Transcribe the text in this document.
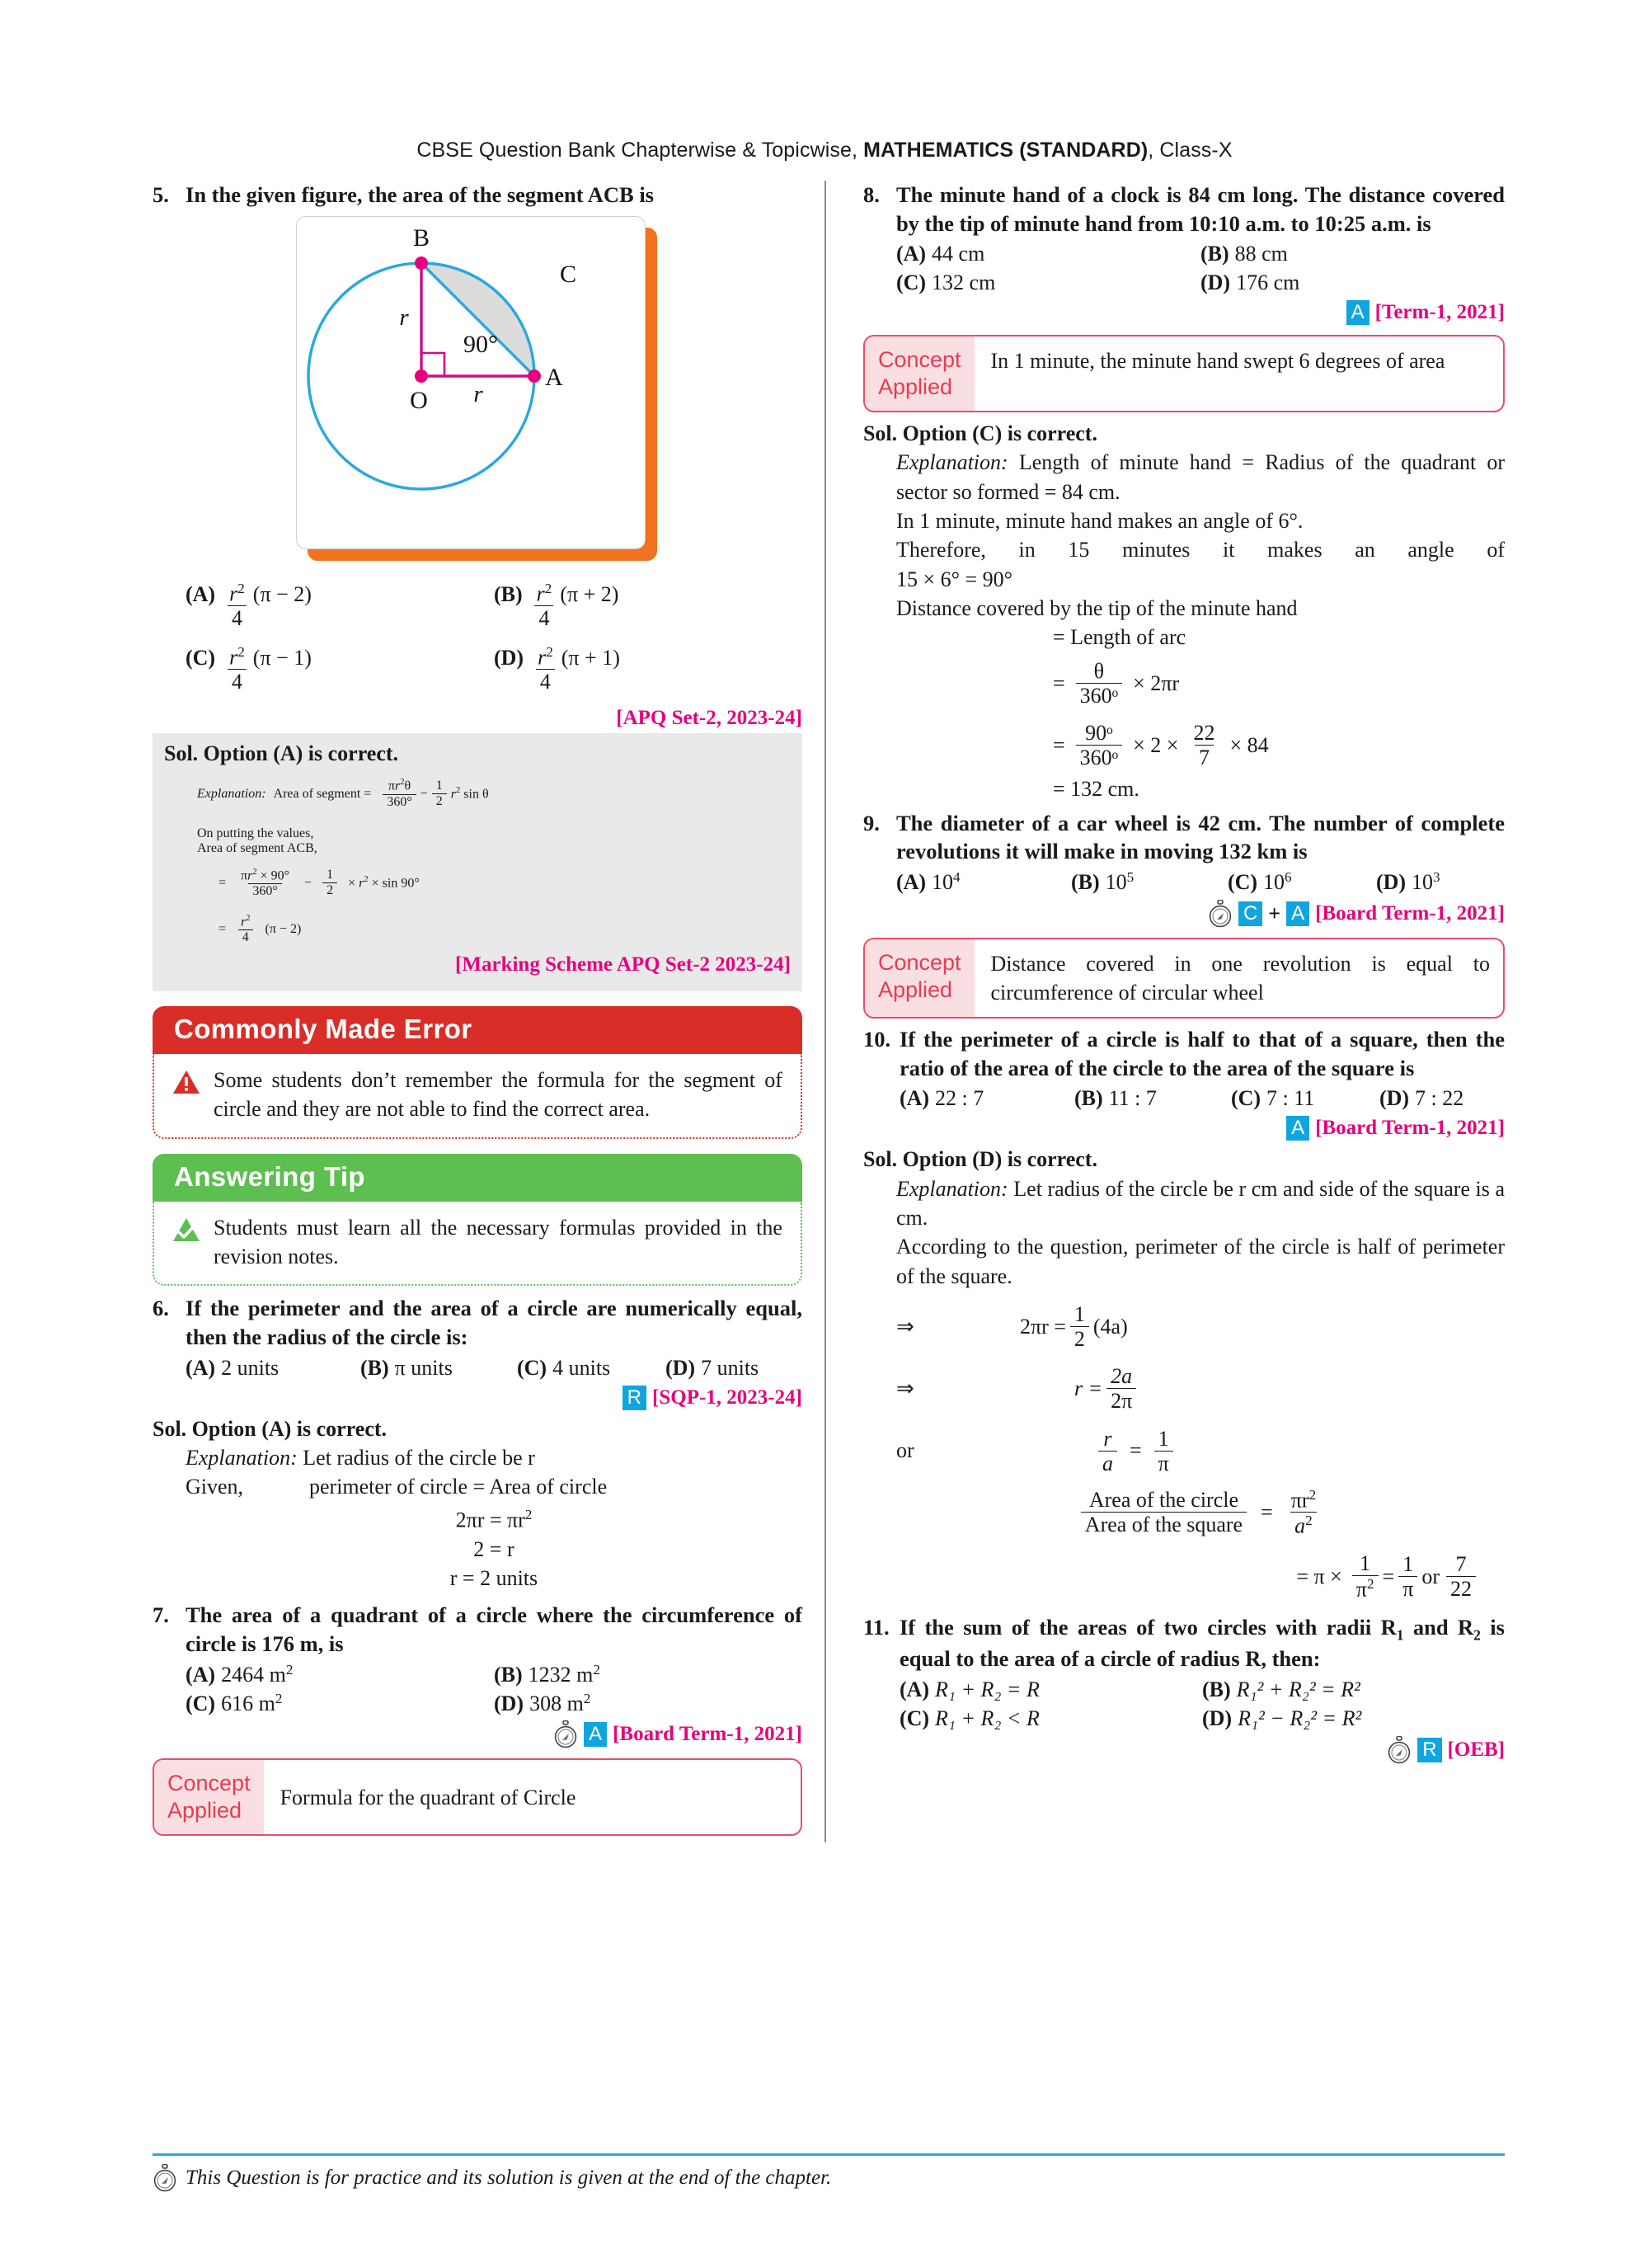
CBSE Question Bank Chapterwise & Topicwise, MATHEMATICS (STANDARD), Class-X
5. In the given figure, the area of the segment ACB is
B
C
A
O
r
r
90°
$(A) \frac{r^2}{4} (\pi - 2)$	$(B) \frac{r^2}{4} (\pi + 2)$
$(C) \frac{r^2}{4} (\pi - 1)$	$(D) \frac{r^2}{4} (\pi + 1)$
[APQ Set-2, 2023-24]
Sol. Option (A) is correct.
Explanation: Area of segment = $\frac{\pi r^2\theta}{360^\circ} - \frac{1}{2} r^2$ sin θ
On putting the values,
Area of segment ACB,
= $\frac{\pi r^2 \times 90^\circ}{360^\circ} - \frac{1}{2} \times r^2 \times \sin 90^\circ$
= $\frac{r^2}{4} (\pi - 2)$
[Marking Scheme APQ Set-2 2023-24]
Commonly Made Error
Some students don’t remember the formula for the segment of circle and they are not able to find the correct area.
Answering Tip
Students must learn all the necessary formulas provided in the revision notes.
6. If the perimeter and the area of a circle are numerically equal, then the radius of the circle is:
(A) 2 units	(B) π units	(C) 4 units	(D) 7 units
R [SQP-1, 2023-24]
Sol. Option (A) is correct.
Explanation: Let radius of the circle be r
Given,	perimeter of circle = Area of circle
$2\pi r = \pi r^2$
2 = r
r = 2 units
7. The area of a quadrant of a circle where the circumference of circle is 176 m, is
(A) 2464 m 2	(B) 1232 m 2
(C) 616 m 2	(D) 308 m 2
A [Board Term-1, 2021]
Concept
Applied
Formula for the quadrant of Circle
8. The minute hand of a clock is 84 cm long. The distance covered by the tip of minute hand from 10:10 a.m. to 10:25 a.m. is
(A) 44 cm	(B) 88 cm
(C) 132 cm	(D) 176 cm
A [Term-1, 2021]
Concept
Applied
In 1 minute, the minute hand swept 6 degrees of area
Sol. Option (C) is correct.
Explanation: Length of minute hand = Radius of the quadrant or sector so formed = 84 cm.
In 1 minute, minute hand makes an angle of 6°.
Therefore, in 15 minutes it makes an angle of
15 × 6° = 90°
Distance covered by the tip of the minute hand
= Length of arc
= $\frac{\theta}{\text{360ᵒ}} \times 2\pi r$
= $\frac{\text{90ᵒ}}{\text{360ᵒ}} \times 2 \times \frac{22}{7} \times 84$
= 132 cm.
9. The diameter of a car wheel is 42 cm. The number of complete revolutions it will make in moving 132 km is
(A) 10 4	(B) 10 5	(C) 10 6	(D) 10 3
C + A [Board Term-1, 2021]
Concept
Applied
Distance covered in one revolution is equal to circumference of circular wheel
10. If the perimeter of a circle is half to that of a square, then the ratio of the area of the circle to the area of the square is
(A) 22 : 7	(B) 11 : 7	(C) 7 : 11	(D) 7 : 22
A [Board Term-1, 2021]
Sol. Option (D) is correct.
Explanation: Let radius of the circle be r cm and side of the square is a cm.
According to the question, perimeter of the circle is half of perimeter of the square.
⇒	$2\pi r = \frac{1}{2} (4a)$
⇒	$r = \frac{2a}{2\pi}$
or	$\frac{r}{a} = \frac{1}{\pi}$
$\frac{\text{Area of the circle}}{\text{Area of the square}} = \frac{\pi r^2}{a^2}$
= $\pi \times \frac{1}{\pi^2} = \frac{1}{\pi}$ or $\frac{7}{22}$
11. If the sum of the areas of two circles with radii $R_1$ and $R_2$ is equal to the area of a circle of radius R, then:
(A) R₁ + R₂ = R	(B) R₁² + R₂² = R²
(C) R₁ + R₂ < R	(D) R₁² − R₂² = R²
R [OEB]
This Question is for practice and its solution is given at the end of the chapter.
